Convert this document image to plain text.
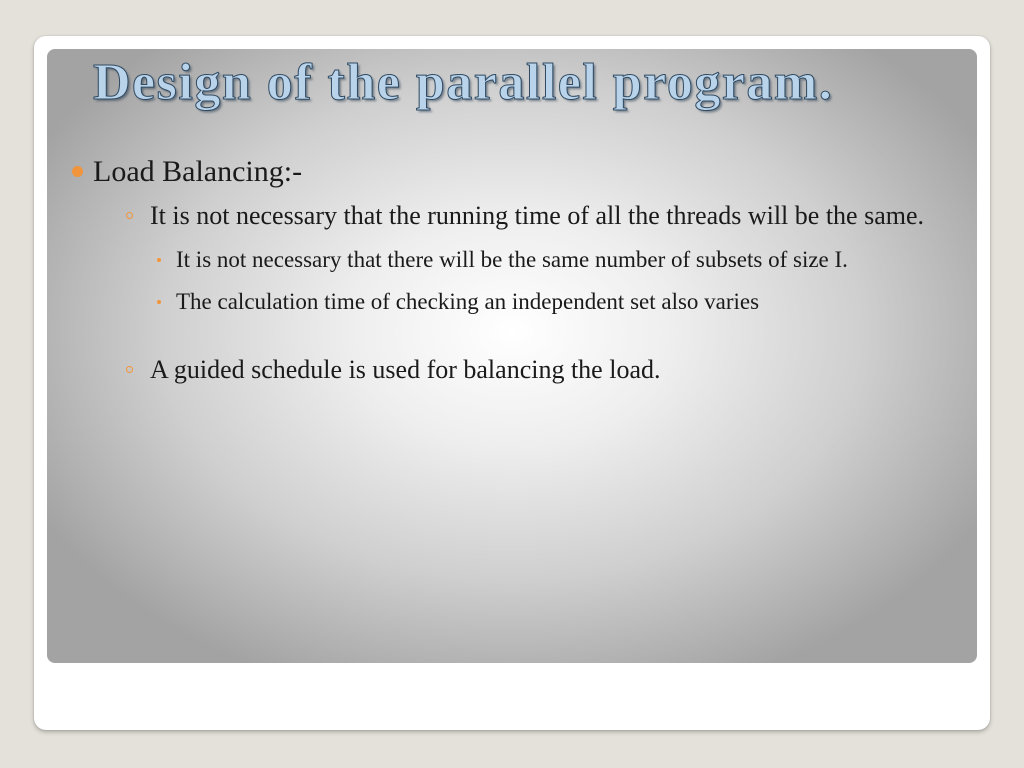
Design of the parallel program.
Load Balancing:-
It is not necessary that the running time of all the threads will be the same.
It is not necessary that there will be the same number of subsets of size I.
The calculation time of checking an independent set also varies
A guided schedule is used for balancing the load.
